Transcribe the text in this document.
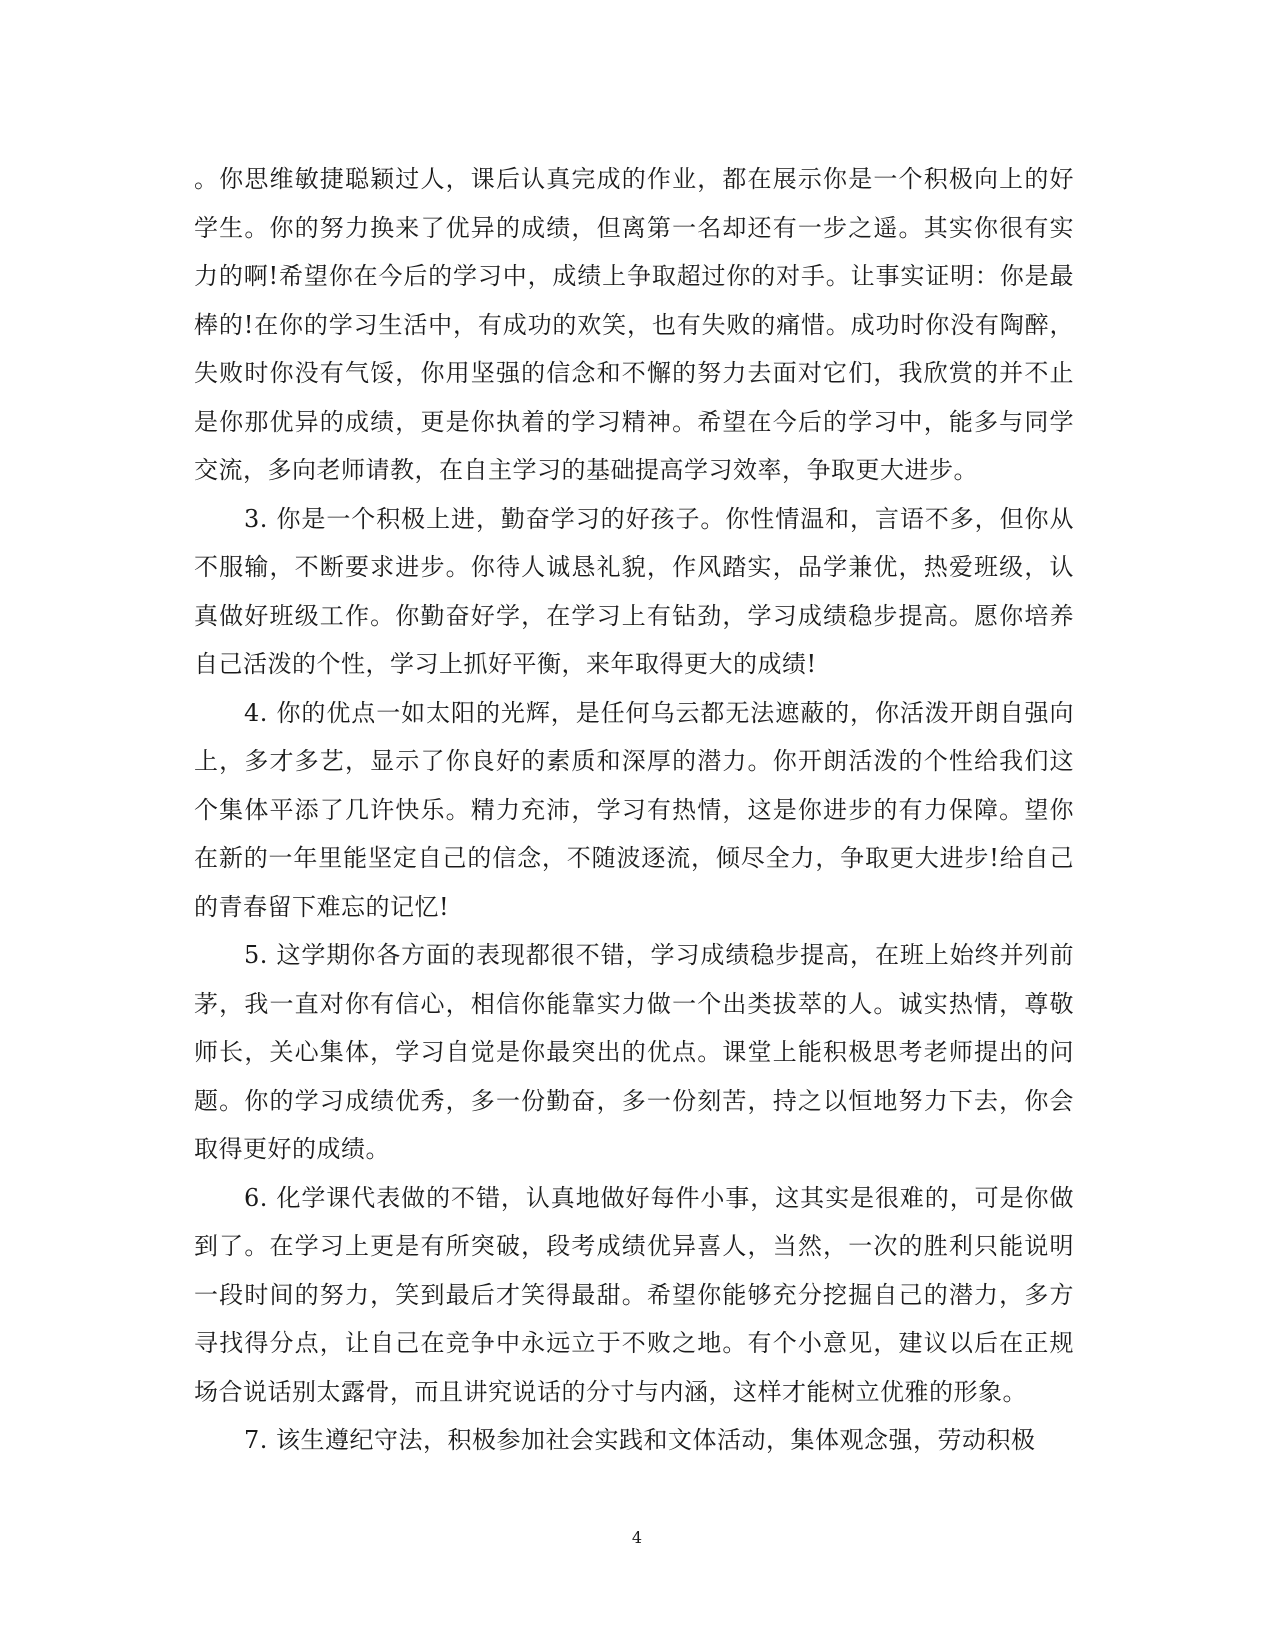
。你思维敏捷聪颖过人，课后认真完成的作业，都在展示你是一个积极向上的好学生。你的努力换来了优异的成绩，但离第一名却还有一步之遥。其实你很有实力的啊!希望你在今后的学习中，成绩上争取超过你的对手。让事实证明：你是最棒的!在你的学习生活中，有成功的欢笑，也有失败的痛惜。成功时你没有陶醉，失败时你没有气馁，你用坚强的信念和不懈的努力去面对它们，我欣赏的并不止是你那优异的成绩，更是你执着的学习精神。希望在今后的学习中，能多与同学交流，多向老师请教，在自主学习的基础提高学习效率，争取更大进步。

3. 你是一个积极上进，勤奋学习的好孩子。你性情温和，言语不多，但你从不服输，不断要求进步。你待人诚恳礼貌，作风踏实，品学兼优，热爱班级，认真做好班级工作。你勤奋好学，在学习上有钻劲，学习成绩稳步提高。愿你培养自己活泼的个性，学习上抓好平衡，来年取得更大的成绩!

4. 你的优点一如太阳的光辉，是任何乌云都无法遮蔽的，你活泼开朗自强向上，多才多艺，显示了你良好的素质和深厚的潜力。你开朗活泼的个性给我们这个集体平添了几许快乐。精力充沛，学习有热情，这是你进步的有力保障。望你在新的一年里能坚定自己的信念，不随波逐流，倾尽全力，争取更大进步!给自己的青春留下难忘的记忆!

5. 这学期你各方面的表现都很不错，学习成绩稳步提高，在班上始终并列前茅，我一直对你有信心，相信你能靠实力做一个出类拔萃的人。诚实热情，尊敬师长，关心集体，学习自觉是你最突出的优点。课堂上能积极思考老师提出的问题。你的学习成绩优秀，多一份勤奋，多一份刻苦，持之以恒地努力下去，你会取得更好的成绩。

6. 化学课代表做的不错，认真地做好每件小事，这其实是很难的，可是你做到了。在学习上更是有所突破，段考成绩优异喜人，当然，一次的胜利只能说明一段时间的努力，笑到最后才笑得最甜。希望你能够充分挖掘自己的潜力，多方寻找得分点，让自己在竞争中永远立于不败之地。有个小意见，建议以后在正规场合说话别太露骨，而且讲究说话的分寸与内涵，这样才能树立优雅的形象。

7. 该生遵纪守法，积极参加社会实践和文体活动，集体观念强，劳动积极

4
